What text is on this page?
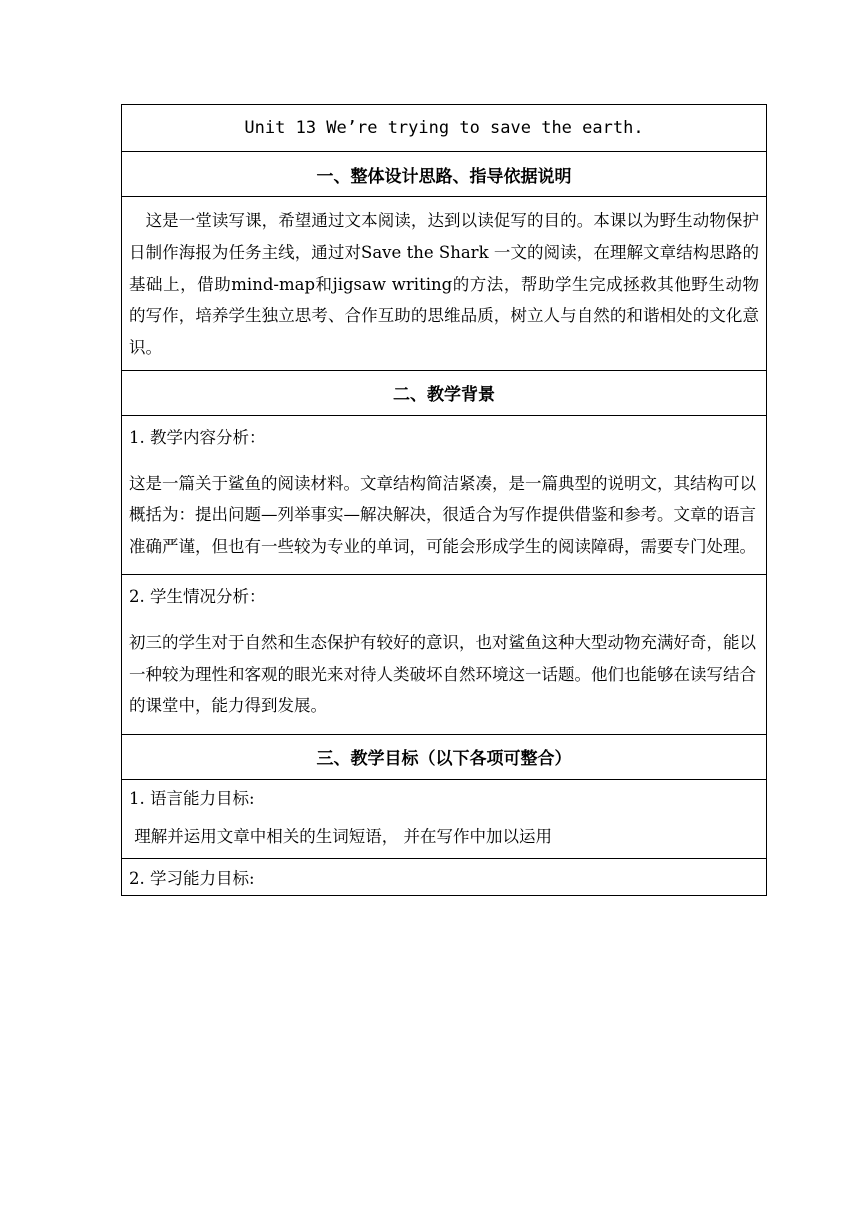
Unit 13 We’re trying to save the earth.
一、整体设计思路、指导依据说明

　这是一堂读写课，希望通过文本阅读，达到以读促写的目的。本课以为野生动物保护日制作海报为任务主线，通过对Save the Shark 一文的阅读，在理解文章结构思路的基础上，借助mind-map和jigsaw writing的方法，帮助学生完成拯救其他野生动物的写作，培养学生独立思考、合作互助的思维品质，树立人与自然的和谐相处的文化意识。

二、教学背景

1. 教学内容分析：

这是一篇关于鲨鱼的阅读材料。文章结构简洁紧凑，是一篇典型的说明文，其结构可以概括为：提出问题—列举事实—解决解决，很适合为写作提供借鉴和参考。文章的语言准确严谨，但也有一些较为专业的单词，可能会形成学生的阅读障碍，需要专门处理。

2. 学生情况分析：

初三的学生对于自然和生态保护有较好的意识，也对鲨鱼这种大型动物充满好奇，能以一种较为理性和客观的眼光来对待人类破坏自然环境这一话题。他们也能够在读写结合的课堂中，能力得到发展。

三、教学目标（以下各项可整合）

1. 语言能力目标:

理解并运用文章中相关的生词短语， 并在写作中加以运用

2. 学习能力目标:
